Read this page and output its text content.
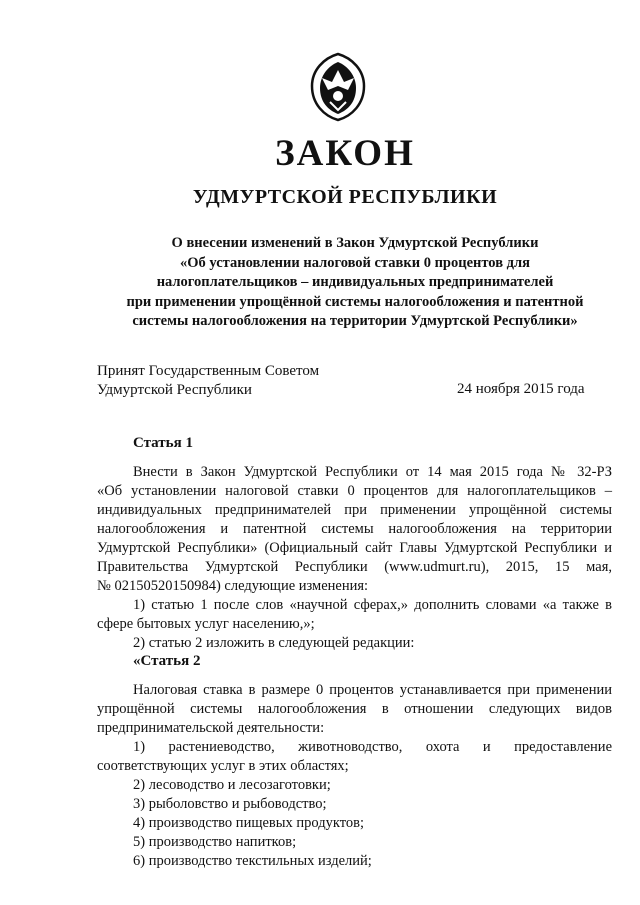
ЗАКОН
УДМУРТСКОЙ РЕСПУБЛИКИ
О внесении изменений в Закон Удмуртской Республики
«Об установлении налоговой ставки 0 процентов для
налогоплательщиков – индивидуальных предпринимателей
при применении упрощённой системы налогообложения и патентной
системы налогообложения на территории Удмуртской Республики»
Принят Государственным Советом
Удмуртской Республики	24 ноября 2015 года
Статья 1
Внести в Закон Удмуртской Республики от 14 мая 2015 года № 32-РЗ
«Об установлении налоговой ставки 0 процентов для налогоплательщиков –
индивидуальных предпринимателей при применении упрощённой системы
налогообложения и патентной системы налогообложения на территории
Удмуртской Республики» (Официальный сайт Главы Удмуртской Республики и
Правительства Удмуртской Республики (www.udmurt.ru), 2015, 15 мая,
№ 02150520150984) следующие изменения:
1) статью 1 после слов «научной сферах,» дополнить словами «а также в
сфере бытовых услуг населению,»;
2) статью 2 изложить в следующей редакции:
«Статья 2
Налоговая ставка в размере 0 процентов устанавливается при применении
упрощённой системы налогообложения в отношении следующих видов
предпринимательской деятельности:
1) растениеводство, животноводство, охота и предоставление
соответствующих услуг в этих областях;
2) лесоводство и лесозаготовки;
3) рыболовство и рыбоводство;
4) производство пищевых продуктов;
5) производство напитков;
6) производство текстильных изделий;
